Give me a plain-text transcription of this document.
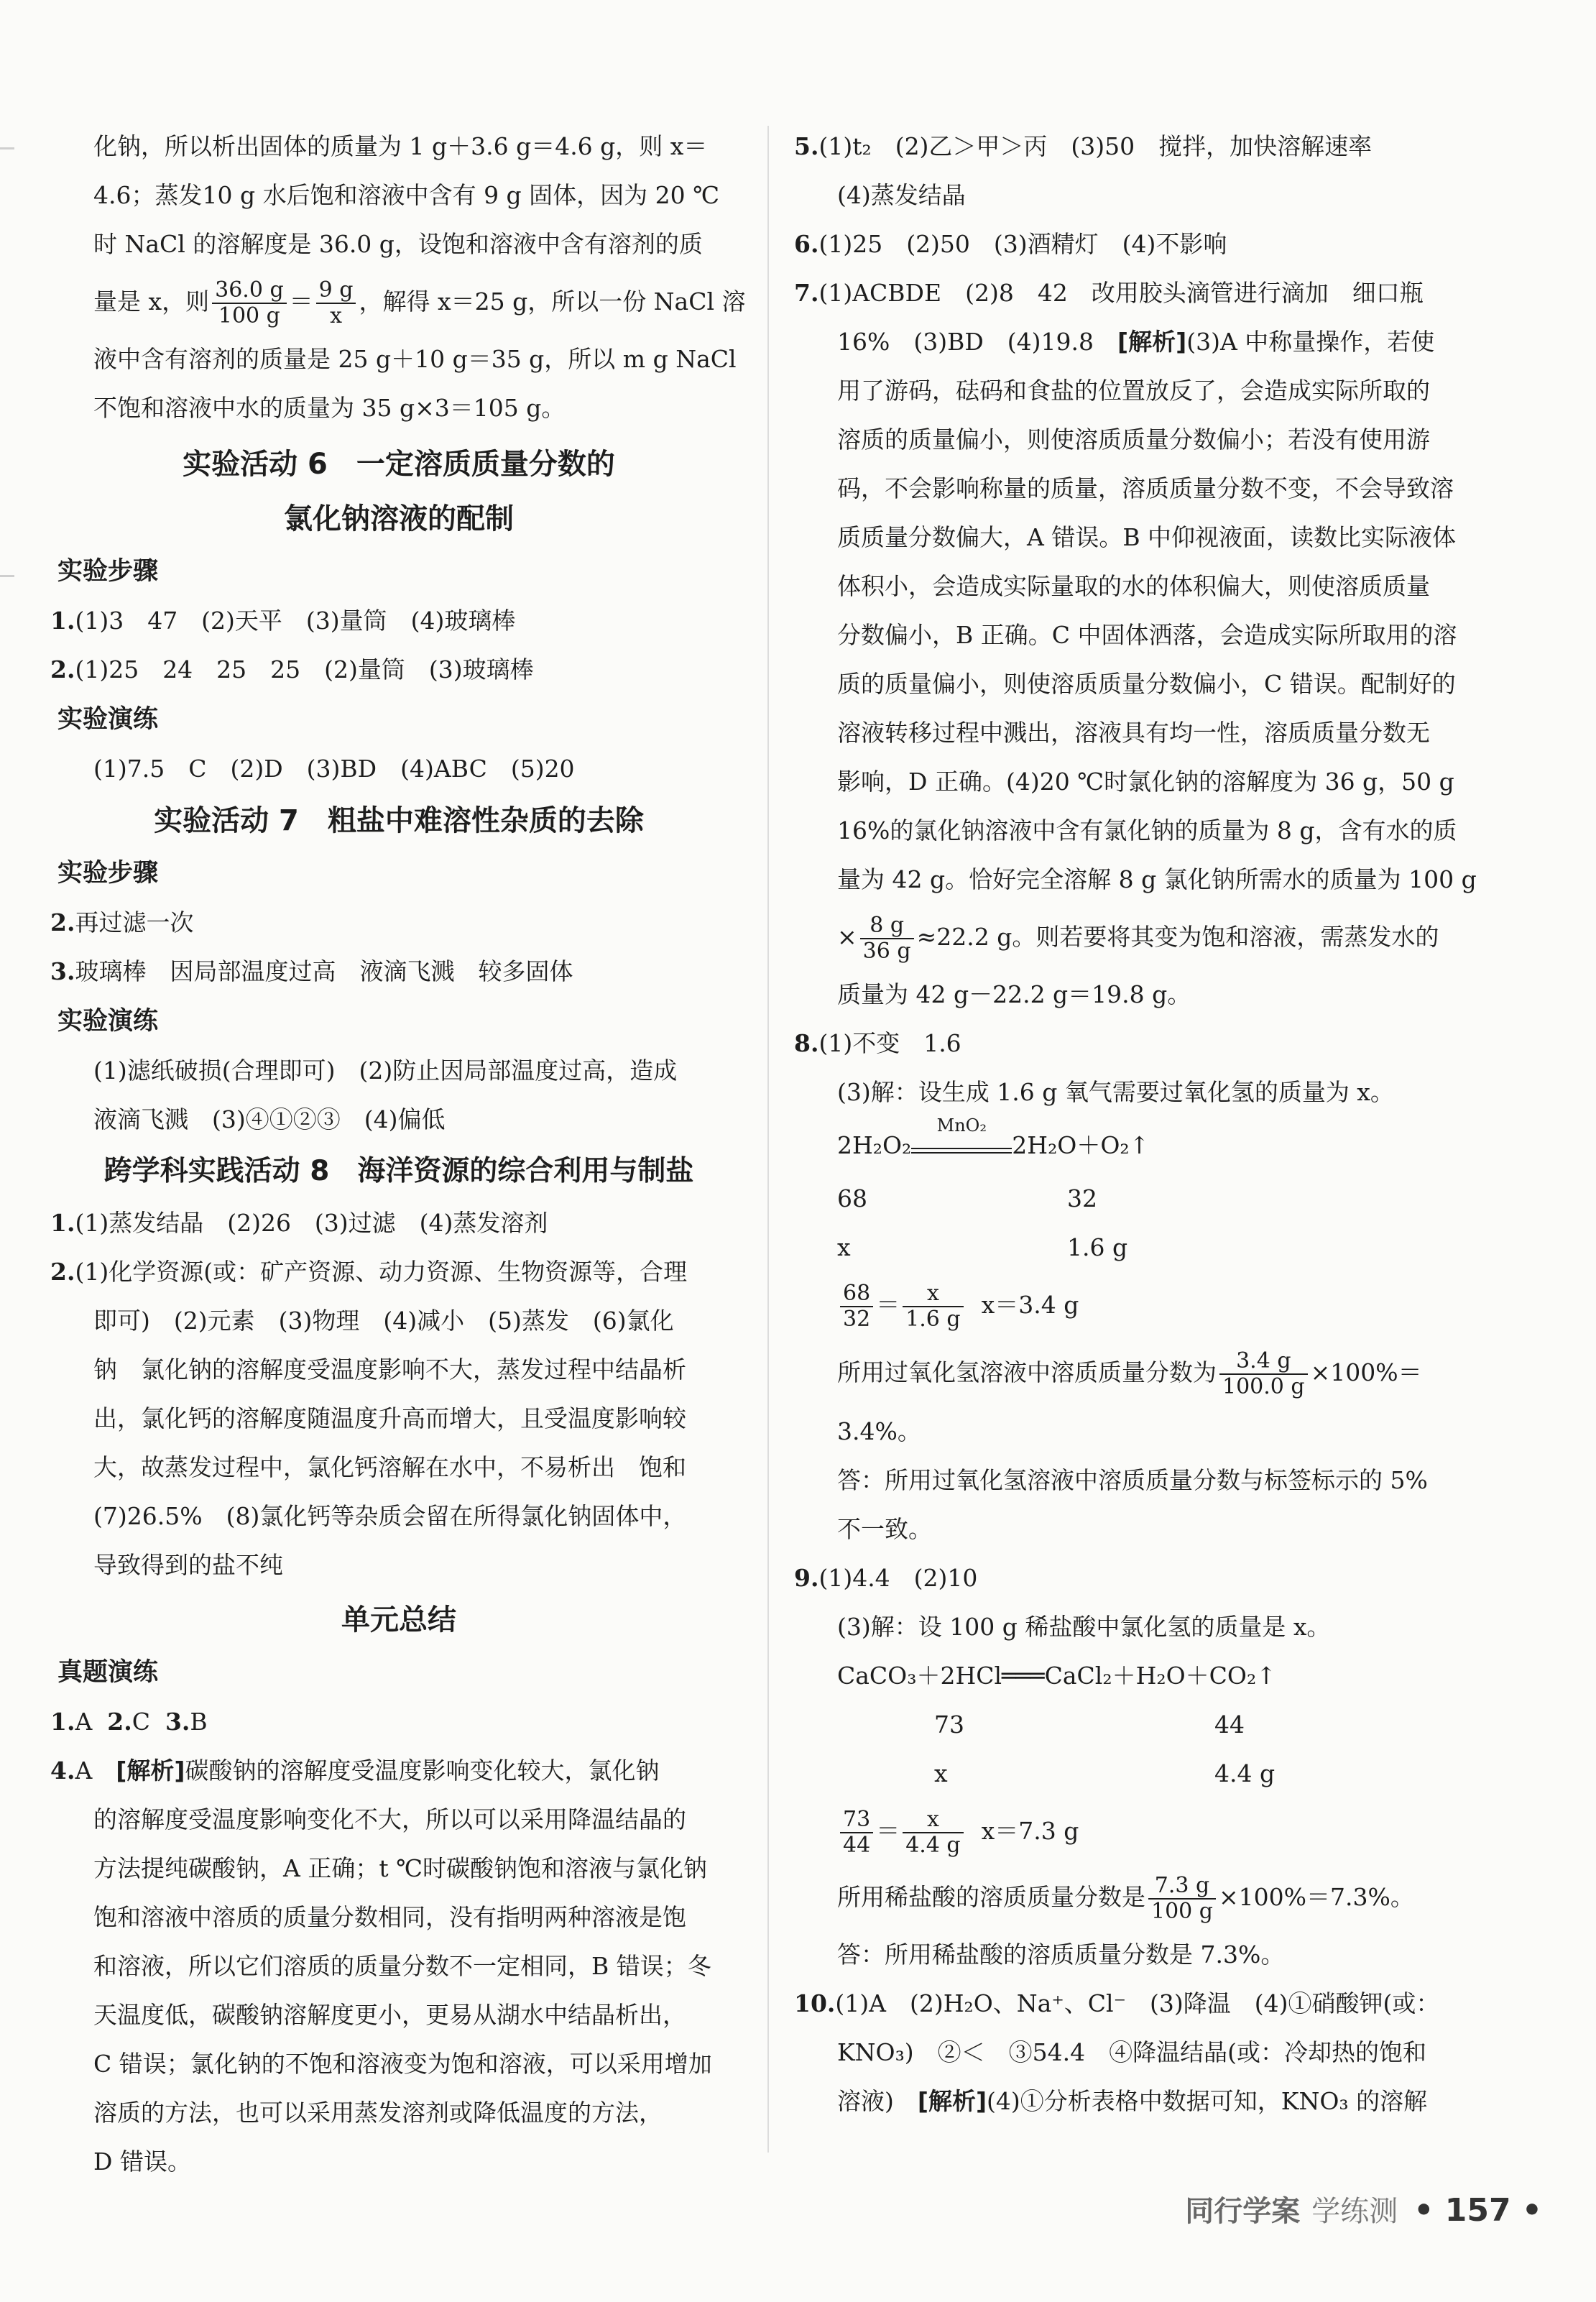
化钠，所以析出固体的质量为 1 g＋3.6 g＝4.6 g，则 x＝

4.6；蒸发10 g 水后饱和溶液中含有 9 g 固体，因为 20 ℃

时 NaCl 的溶解度是 36.0 g，设饱和溶液中含有溶剂的质

量是 x，则 $\frac{36.0 g}{100 g} = \frac{9 g}{x}$ ，解得 x＝25 g，所以一份 NaCl 溶

液中含有溶剂的质量是 25 g＋10 g＝35 g，所以 m g NaCl

不饱和溶液中水的质量为 35 g×3＝105 g。

实验活动 6　一定溶质质量分数的

氯化钠溶液的配制

实验步骤

1.(1)3　47　(2)天平　(3)量筒　(4)玻璃棒

2.(1)25　24　25　25　(2)量筒　(3)玻璃棒

实验演练

(1)7.5　C　(2)D　(3)BD　(4)ABC　(5)20

实验活动 7　粗盐中难溶性杂质的去除

实验步骤

2.再过滤一次

3.玻璃棒　因局部温度过高　液滴飞溅　较多固体

实验演练

(1)滤纸破损(合理即可)　(2)防止因局部温度过高，造成

液滴飞溅　(3)④①②③　(4)偏低

跨学科实践活动 8　海洋资源的综合利用与制盐

1.(1)蒸发结晶　(2)26　(3)过滤　(4)蒸发溶剂

2.(1)化学资源(或：矿产资源、动力资源、生物资源等，合理

即可)　(2)元素　(3)物理　(4)减小　(5)蒸发　(6)氯化

钠　氯化钠的溶解度受温度影响不大，蒸发过程中结晶析

出，氯化钙的溶解度随温度升高而增大，且受温度影响较

大，故蒸发过程中，氯化钙溶解在水中，不易析出　饱和

(7)26.5%　(8)氯化钙等杂质会留在所得氯化钠固体中，

导致得到的盐不纯

单元总结

真题演练

1.A 2.C 3.B

4.A　[解析]碳酸钠的溶解度受温度影响变化较大，氯化钠

的溶解度受温度影响变化不大，所以可以采用降温结晶的

方法提纯碳酸钠，A 正确；t ℃时碳酸钠饱和溶液与氯化钠

饱和溶液中溶质的质量分数相同，没有指明两种溶液是饱

和溶液，所以它们溶质的质量分数不一定相同，B 错误；冬

天温度低，碳酸钠溶解度更小，更易从湖水中结晶析出，

C 错误；氯化钠的不饱和溶液变为饱和溶液，可以采用增加

溶质的方法，也可以采用蒸发溶剂或降低温度的方法，

D 错误。

5.(1)t₂　(2)乙＞甲＞丙　(3)50　搅拌，加快溶解速率

(4)蒸发结晶

6.(1)25　(2)50　(3)酒精灯　(4)不影响

7.(1)ACBDE　(2)8　42　改用胶头滴管进行滴加　细口瓶

16%　(3)BD　(4)19.8　[解析](3)A 中称量操作，若使

用了游码，砝码和食盐的位置放反了，会造成实际所取的

溶质的质量偏小，则使溶质质量分数偏小；若没有使用游

码，不会影响称量的质量，溶质质量分数不变，不会导致溶

质质量分数偏大，A 错误。B 中仰视液面，读数比实际液体

体积小，会造成实际量取的水的体积偏大，则使溶质质量

分数偏小，B 正确。C 中固体洒落，会造成实际所取用的溶

质的质量偏小，则使溶质质量分数偏小，C 错误。配制好的

溶液转移过程中溅出，溶液具有均一性，溶质质量分数无

影响，D 正确。(4)20 ℃时氯化钠的溶解度为 36 g，50 g

16%的氯化钠溶液中含有氯化钠的质量为 8 g，含有水的质

量为 42 g。恰好完全溶解 8 g 氯化钠所需水的质量为 100 g

× $\frac{8 g}{36 g} \approx 22.2$ g。则若要将其变为饱和溶液，需蒸发水的

质量为 42 g－22.2 g＝19.8 g。

8.(1)不变　1.6

(3)解：设生成 1.6 g 氧气需要过氧化氢的质量为 x。

2H₂O₂
MnO₂
2H₂O＋O₂↑

68	32
x	1.6 g

$\frac{68}{32} = \frac{x}{1.6 g} x=3.4$ g

所用过氧化氢溶液中溶质质量分数为 $\frac{3.4 g}{100.0 g} \times 100\%=$

3.4%。

答：所用过氧化氢溶液中溶质质量分数与标签标示的 5%

不一致。

9.(1)4.4　(2)10

(3)解：设 100 g 稀盐酸中氯化氢的质量是 x。

CaCO₃＋2HCl═══CaCl₂＋H₂O＋CO₂↑

73	44
x	4.4 g

$\frac{73}{44} = \frac{x}{4.4 g} x=7.3$ g

所用稀盐酸的溶质质量分数是 $\frac{7.3 g}{100 g} \times 100\%=7.3\%$。

答：所用稀盐酸的溶质质量分数是 7.3%。

10.(1)A　(2)H₂O、Na⁺、Cl⁻　(3)降温　(4)①硝酸钾(或：

KNO₃)　②＜　③54.4　④降温结晶(或：冷却热的饱和

溶液)　[解析](4)①分析表格中数据可知，KNO₃ 的溶解

同行学案 学练测 • 157 •
